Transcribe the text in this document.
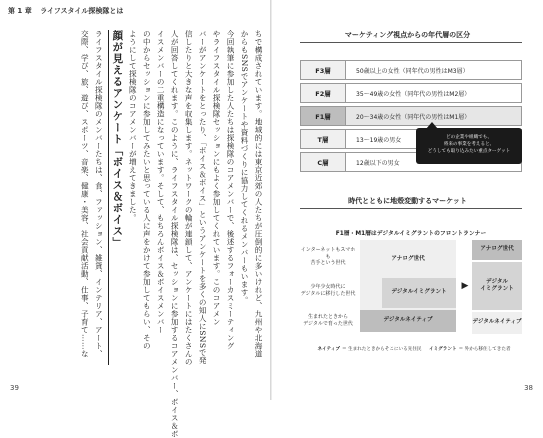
第 1 章 ライフスタイル探検隊とは
ちで構成されています。地域的には東京近郊の人たちが圧倒的に多いけれど、九州や北海道
からもSNSでアンケートや資料づくりに協力してくれるメンバーもいます。
今回執筆に参加した人たちは探検隊のコアメンバーで、後述するフォーカスミーティング
やライフスタイル探検隊セッションにもよく参加してくれています。このコアメン
バーがアンケートをとったり、「ボイス＆ボイス」というアンケートを多くの知人にSNSで発
信したりと大きな声を収集します。ネットワークの輪が連鎖して、アンケートにはたくさんの
人が回答してくれます。このように、ライフスタイル探検隊は、セッションに参加するコアメンバー、ボイス＆ボ
イスメンバーの二重構造になっています。そして、もちろんボイス＆ボイスメンバー
の中からセッションに参加してみたいと思っている人に声をかけて参加してもらい、その
ようにして探検隊のコアメンバーが増えてきました。
顔が見えるアンケート「ボイス＆ボイス」
ライフスタイル探検隊のメンバーたちは、食、ファッション、雑貨、インテリア、アート、
交際、学び、旅、遊び、スポーツ、音楽、健康・美容、社会貢献活動、仕事、子育て……な
39
マーケティング視点からの年代層の区分
F3層	50歳以上の女性（同年代の男性はM3層）
F2層	35〜49歳の女性（同年代の男性はM2層）
F1層	20〜34歳の女性（同年代の男性はM1層）
T層	13〜19歳の男女
C層	12歳以下の男女
どの企業や組織でも、
将来の事業を考えると、
どうしても取り込みたい重点ターゲット
時代とともに地殻変動するマーケット
F1層・M1層はデジタルイミグラントのフロントランナー
インターネットもスマホも
苦手という世代
少年少女時代に
デジタルに移行した世代
生まれたときから
デジタルで育った世代
アナログ世代
デジタルイミグラント
デジタルネイティブ
▶
アナログ世代
デジタル
イミグラント
デジタルネイティブ
ネイティブ ＝ 生まれたときからそこにいる先住民 イミグラント ＝ 外から移住してきた者
38
